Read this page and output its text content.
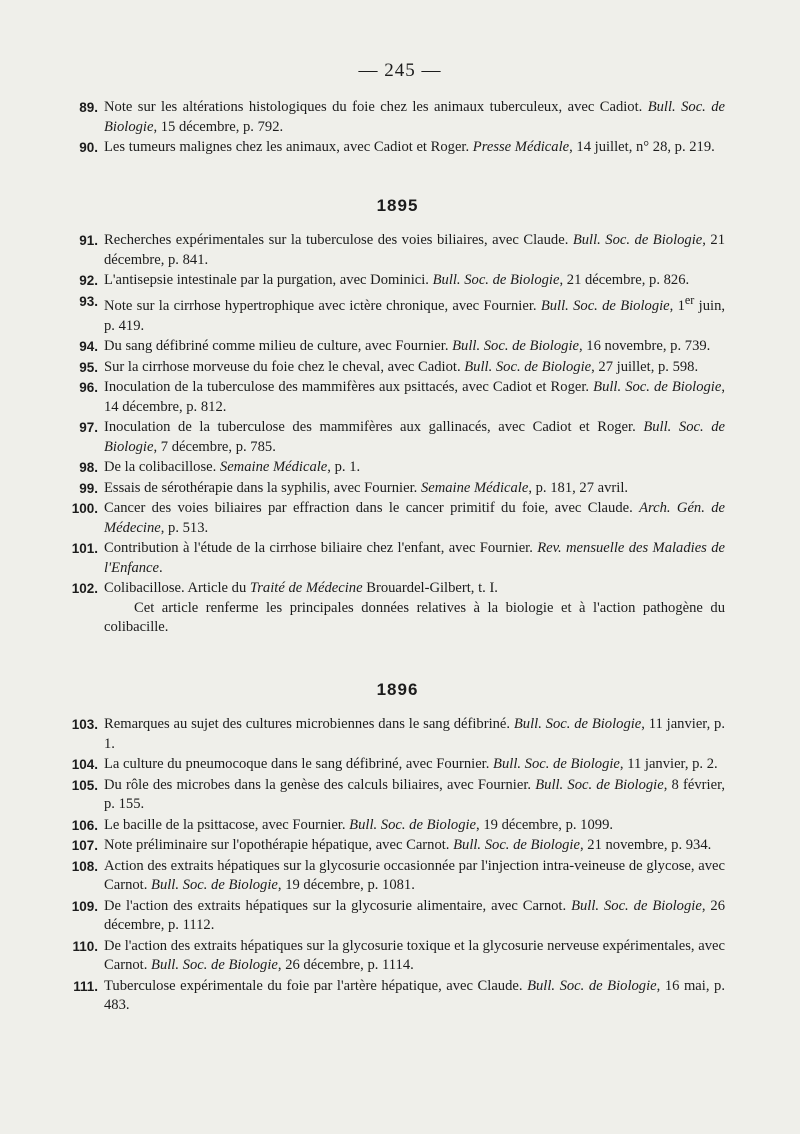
— 245 —
89. Note sur les altérations histologiques du foie chez les animaux tuberculeux, avec Cadiot. Bull. Soc. de Biologie, 15 décembre, p. 792.
90. Les tumeurs malignes chez les animaux, avec Cadiot et Roger. Presse Médicale, 14 juillet, n° 28, p. 219.
1895
91. Recherches expérimentales sur la tuberculose des voies biliaires, avec Claude. Bull. Soc. de Biologie, 21 décembre, p. 841.
92. L'antisepsie intestinale par la purgation, avec Dominici. Bull. Soc. de Biologie, 21 décembre, p. 826.
93. Note sur la cirrhose hypertrophique avec ictère chronique, avec Fournier. Bull. Soc. de Biologie, 1er juin, p. 419.
94. Du sang défibriné comme milieu de culture, avec Fournier. Bull. Soc. de Biologie, 16 novembre, p. 739.
95. Sur la cirrhose morveuse du foie chez le cheval, avec Cadiot. Bull. Soc. de Biologie, 27 juillet, p. 598.
96. Inoculation de la tuberculose des mammifères aux psittacés, avec Cadiot et Roger. Bull. Soc. de Biologie, 14 décembre, p. 812.
97. Inoculation de la tuberculose des mammifères aux gallinacés, avec Cadiot et Roger. Bull. Soc. de Biologie, 7 décembre, p. 785.
98. De la colibacillose. Semaine Médicale, p. 1.
99. Essais de sérothérapie dans la syphilis, avec Fournier. Semaine Médicale, p. 181, 27 avril.
100. Cancer des voies biliaires par effraction dans le cancer primitif du foie, avec Claude. Arch. Gén. de Médecine, p. 513.
101. Contribution à l'étude de la cirrhose biliaire chez l'enfant, avec Fournier. Rev. mensuelle des Maladies de l'Enfance.
102. Colibacillose. Article du Traité de Médecine Brouardel-Gilbert, t. I.
Cet article renferme les principales données relatives à la biologie et à l'action pathogène du colibacille.
1896
103. Remarques au sujet des cultures microbiennes dans le sang défibriné. Bull. Soc. de Biologie, 11 janvier, p. 1.
104. La culture du pneumocoque dans le sang défibriné, avec Fournier. Bull. Soc. de Biologie, 11 janvier, p. 2.
105. Du rôle des microbes dans la genèse des calculs biliaires, avec Fournier. Bull. Soc. de Biologie, 8 février, p. 155.
106. Le bacille de la psittacose, avec Fournier. Bull. Soc. de Biologie, 19 décembre, p. 1099.
107. Note préliminaire sur l'opothérapie hépatique, avec Carnot. Bull. Soc. de Biologie, 21 novembre, p. 934.
108. Action des extraits hépatiques sur la glycosurie occasionnée par l'injection intra-veineuse de glycose, avec Carnot. Bull. Soc. de Biologie, 19 décembre, p. 1081.
109. De l'action des extraits hépatiques sur la glycosurie alimentaire, avec Carnot. Bull. Soc. de Biologie, 26 décembre, p. 1112.
110. De l'action des extraits hépatiques sur la glycosurie toxique et la glycosurie nerveuse expérimentales, avec Carnot. Bull. Soc. de Biologie, 26 décembre, p. 1114.
111. Tuberculose expérimentale du foie par l'artère hépatique, avec Claude. Bull. Soc. de Biologie, 16 mai, p. 483.
